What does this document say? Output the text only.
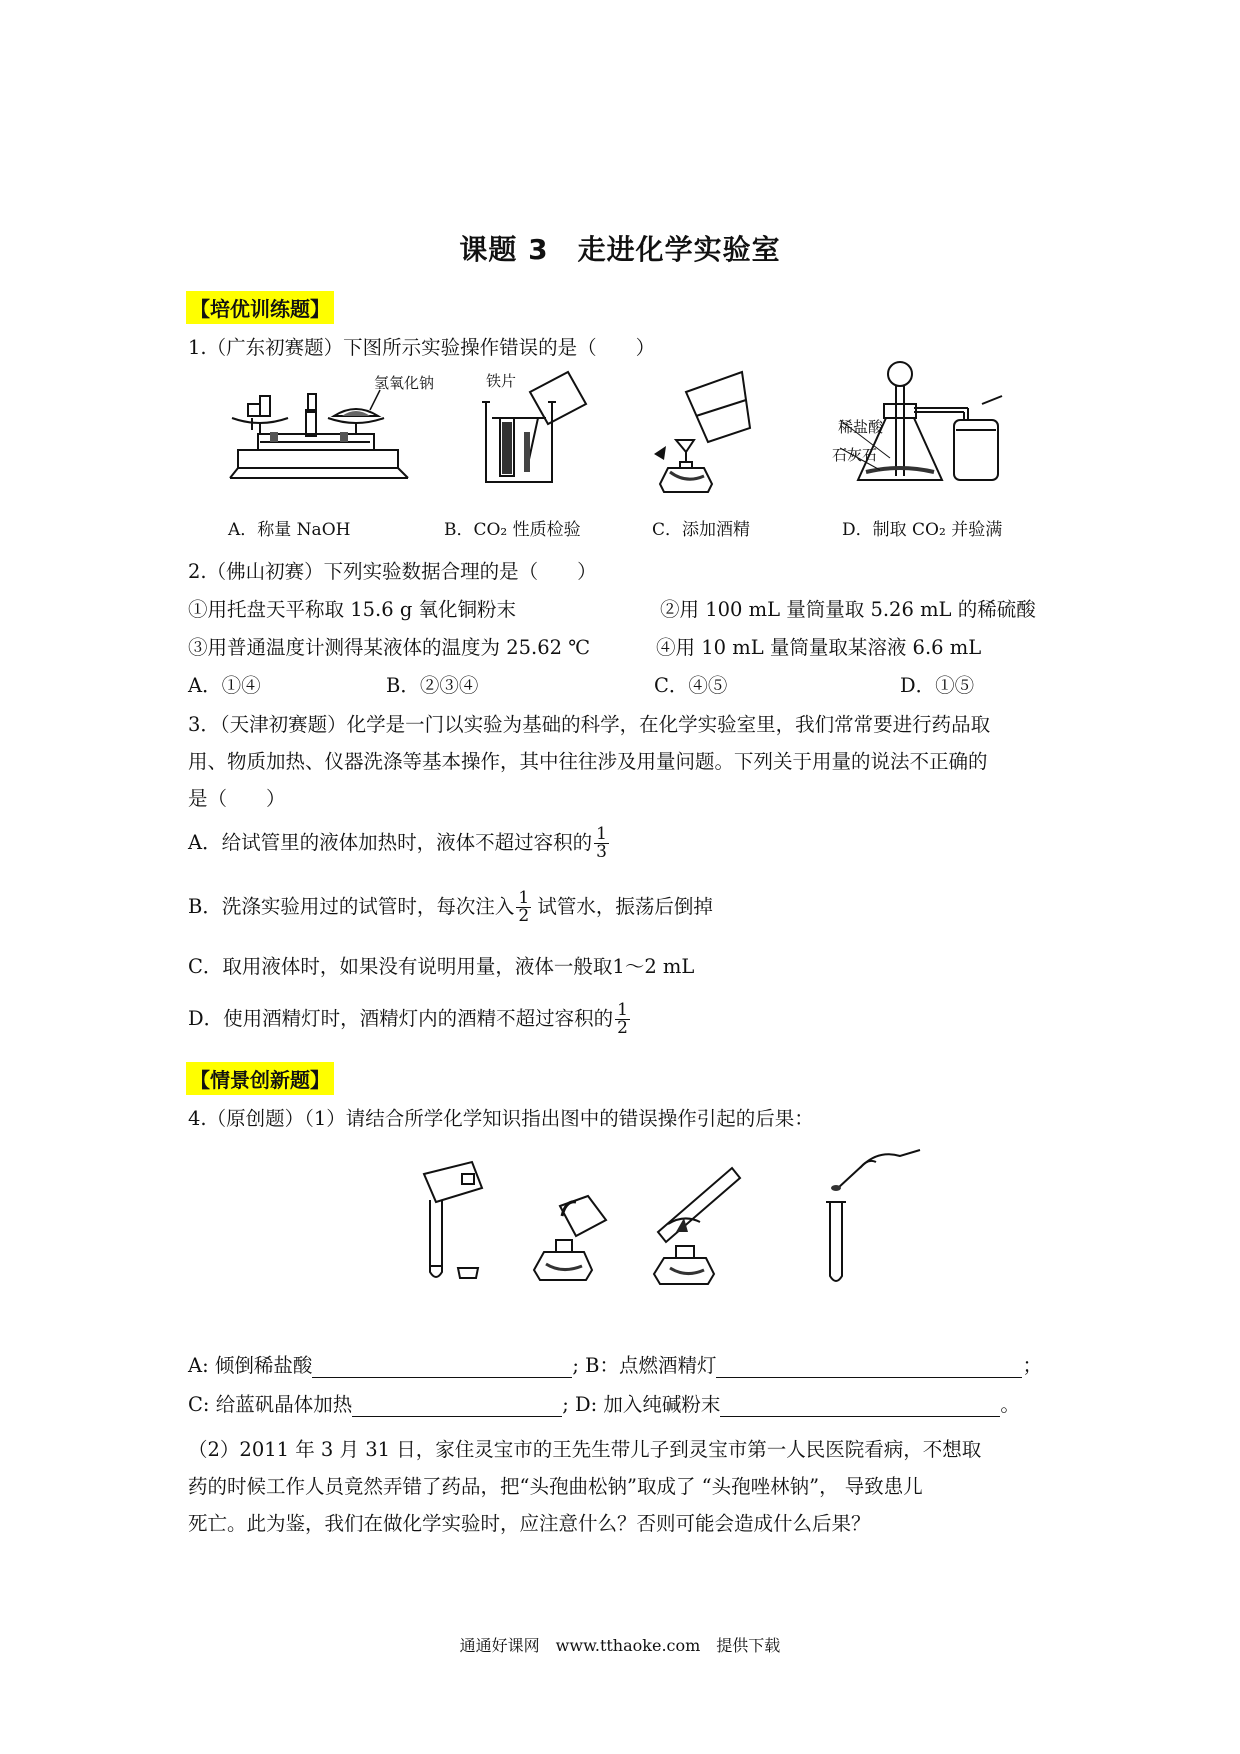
课题 3　走进化学实验室
【培优训练题】
1.（广东初赛题）下图所示实验操作错误的是（　　）
氢氧化钠	铁片
稀盐酸
石灰石
A．称量 NaOH	B．CO₂ 性质检验	C．添加酒精	D．制取 CO₂ 并验满
2.（佛山初赛）下列实验数据合理的是（　　）
①用托盘天平称取 15.6 g 氧化铜粉末	②用 100 mL 量筒量取 5.26 mL 的稀硫酸
③用普通温度计测得某液体的温度为 25.62 ℃	④用 10 mL 量筒量取某溶液 6.6 mL
A．①④	B．②③④	C．④⑤	D．①⑤
3．（天津初赛题）化学是一门以实验为基础的科学，在化学实验室里，我们常常要进行药品取
用、物质加热、仪器洗涤等基本操作，其中往往涉及用量问题。下列关于用量的说法不正确的
是（　　）
A．给试管里的液体加热时，液体不超过容积的 $\frac{1}{3}$
B．洗涤实验用过的试管时，每次注入 $\frac{1}{2}$ 试管水，振荡后倒掉
C．取用液体时，如果没有说明用量，液体一般取1～2 mL
D．使用酒精灯时，酒精灯内的酒精不超过容积的 $\frac{1}{2}$
【情景创新题】
4.（原创题）（1）请结合所学化学知识指出图中的错误操作引起的后果：
A: 倾倒稀盐酸	; B：点燃酒精灯	；
C: 给蓝矾晶体加热	; D: 加入纯碱粉末	。
（2）2011 年 3 月 31 日，家住灵宝市的王先生带儿子到灵宝市第一人民医院看病，不想取
药的时候工作人员竟然弄错了药品，把“头孢曲松钠”取成了 “头孢唑林钠”， 导致患儿
死亡。此为鉴，我们在做化学实验时，应注意什么？否则可能会造成什么后果？
通通好课网　www.tthaoke.com　提供下载
